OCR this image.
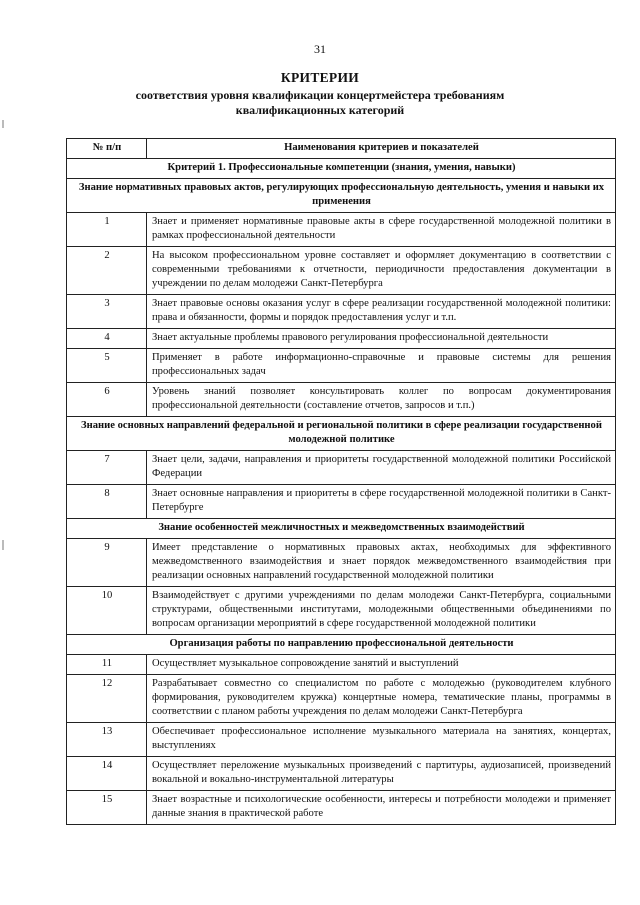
31
КРИТЕРИИ
соответствия уровня квалификации концертмейстера требованиям квалификационных категорий
№ п/п	Наименования критериев и показателей
Критерий 1. Профессиональные компетенции (знания, умения, навыки)	
Знание нормативных правовых актов, регулирующих профессиональную деятельность, умения и навыки их применения	
1	Знает и применяет нормативные правовые акты в сфере государственной молодежной политики в рамках профессиональной деятельности
2	На высоком профессиональном уровне составляет и оформляет документацию в соответствии с современными требованиями к отчетности, периодичности предоставления документации в учреждении по делам молодежи Санкт-Петербурга
3	Знает правовые основы оказания услуг в сфере реализации государственной молодежной политики: права и обязанности, формы и порядок предоставления услуг и т.п.
4	Знает актуальные проблемы правового регулирования профессиональной деятельности
5	Применяет в работе информационно-справочные и правовые системы для решения профессиональных задач
6	Уровень знаний позволяет консультировать коллег по вопросам документирования профессиональной деятельности (составление отчетов, запросов и т.п.)
Знание основных направлений федеральной и региональной политики в сфере реализации государственной молодежной политике	
7	Знает цели, задачи, направления и приоритеты государственной молодежной политики Российской Федерации
8	Знает основные направления и приоритеты в сфере государственной молодежной политики в Санкт-Петербурге
Знание особенностей межличностных и межведомственных взаимодействий	
9	Имеет представление о нормативных правовых актах, необходимых для эффективного межведомственного взаимодействия и знает порядок межведомственного взаимодействия при реализации основных направлений государственной молодежной политики
10	Взаимодействует с другими учреждениями по делам молодежи Санкт-Петербурга, социальными структурами, общественными институтами, молодежными общественными объединениями по вопросам организации мероприятий в сфере государственной молодежной политики
Организация работы по направлению профессиональной деятельности	
11	Осуществляет музыкальное сопровождение занятий и выступлений
12	Разрабатывает совместно со специалистом по работе с молодежью (руководителем клубного формирования, руководителем кружка) концертные номера, тематические планы, программы в соответствии с планом работы учреждения по делам молодежи Санкт-Петербурга
13	Обеспечивает профессиональное исполнение музыкального материала на занятиях, концертах, выступлениях
14	Осуществляет переложение музыкальных произведений с партитуры, аудиозаписей, произведений вокальной и вокально-инструментальной литературы
15	Знает возрастные и психологические особенности, интересы и потребности молодежи и применяет данные знания в практической работе
